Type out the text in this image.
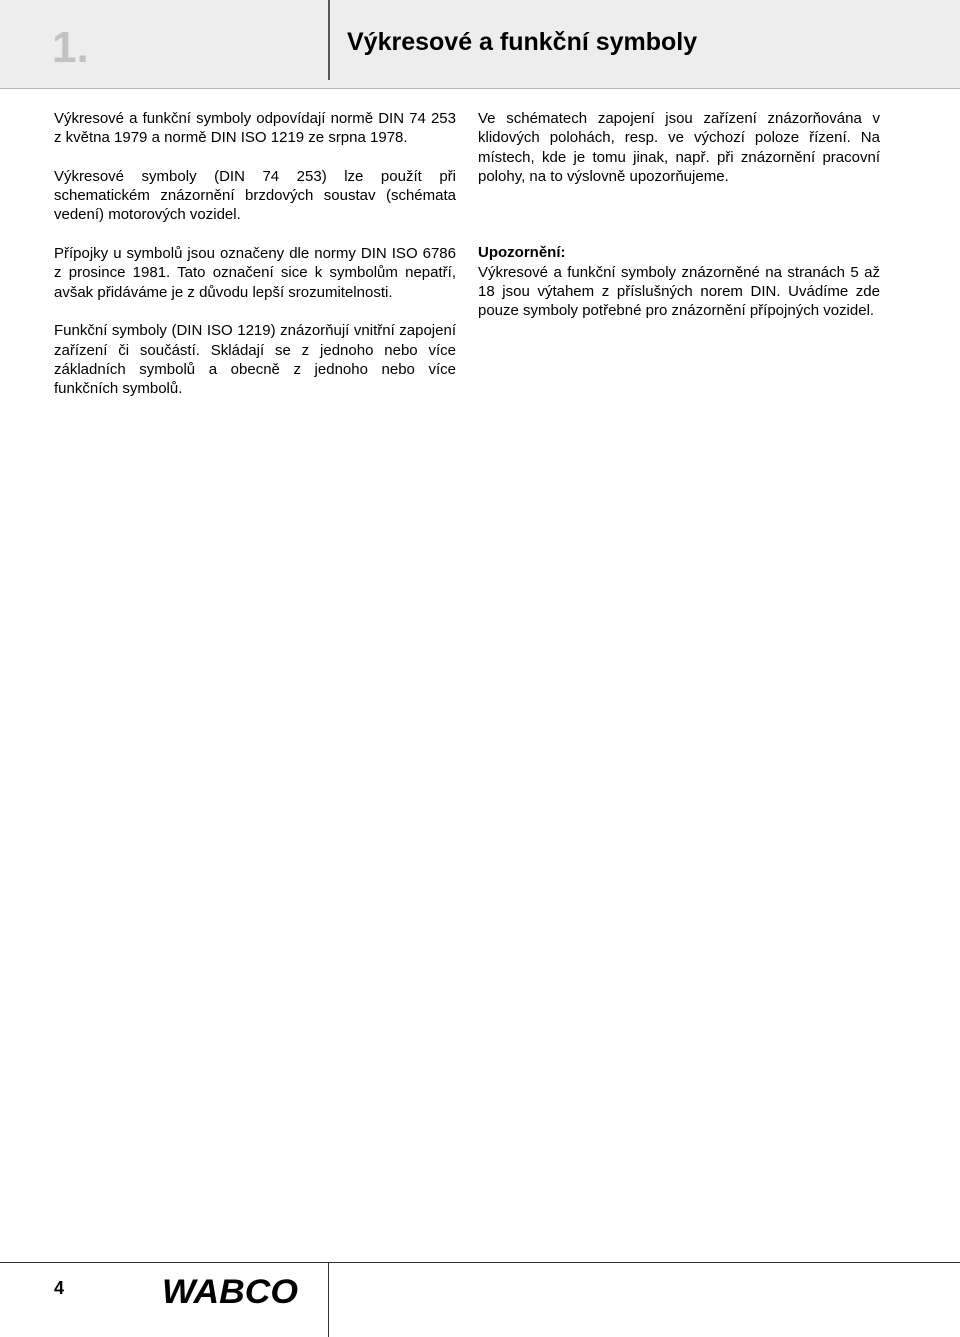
1.	Výkresové a funkční symboly

Výkresové a funkční symboly odpovídají normě DIN 74 253 z května 1979 a normě DIN ISO 1219 ze srpna 1978.

Výkresové symboly (DIN 74 253) lze použít při schematickém znázornění brzdových soustav (schémata vedení) motorových vozidel.

Přípojky u symbolů jsou označeny dle normy DIN ISO 6786 z prosince 1981. Tato označení sice k symbolům nepatří, avšak přidáváme je z důvodu lepší srozumitelnosti.

Funkční symboly (DIN ISO 1219) znázorňují vnitřní zapojení zařízení či součástí. Skládají se z jednoho nebo více základních symbolů a obecně z jednoho nebo více funkčních symbolů.

Ve schématech zapojení jsou zařízení znázorňována v klidových polohách, resp. ve výchozí poloze řízení. Na místech, kde je tomu jinak, např. při znázornění pracovní polohy, na to výslovně upozorňujeme.

Upozornění:
Výkresové a funkční symboly znázorněné na stranách 5 až 18 jsou výtahem z příslušných norem DIN. Uvádíme zde pouze symboly potřebné pro znázornění přípojných vozidel.

4	WABCO
